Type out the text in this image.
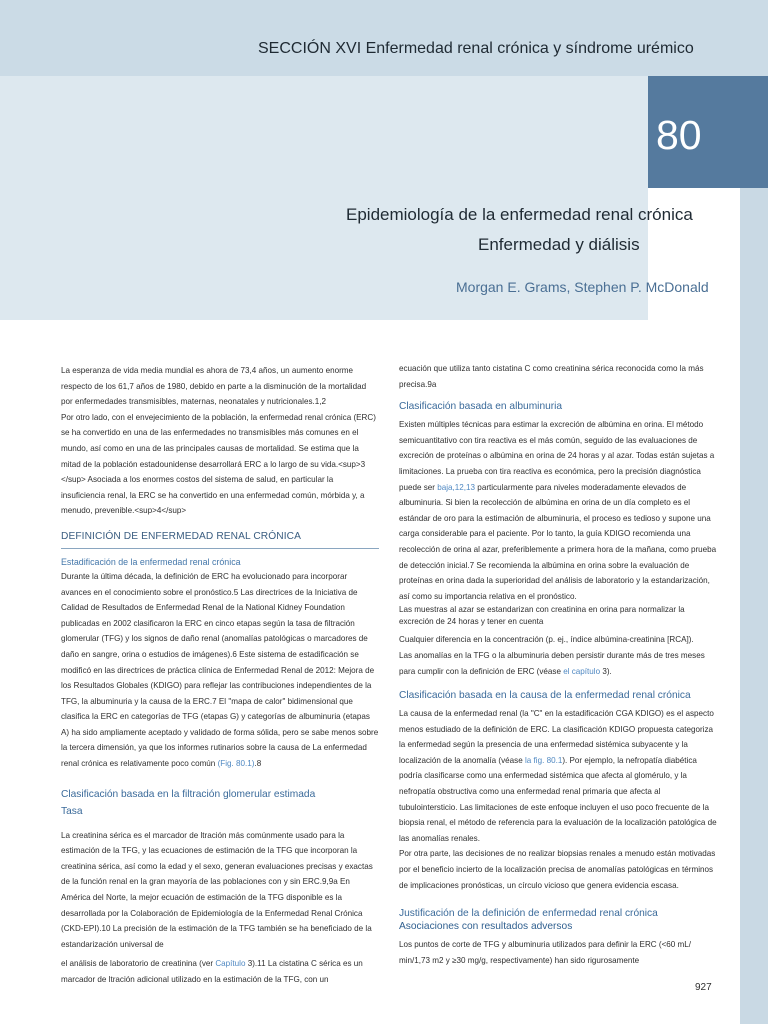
SECCIÓN XVI Enfermedad renal crónica y síndrome urémico
80
Epidemiología de la enfermedad renal crónica
Enfermedad y diálisis
Morgan E. Grams, Stephen P. McDonald

La esperanza de vida media mundial es ahora de 73,4 años, un aumento enorme respecto de los 61,7 años de 1980, debido en parte a la disminución de la mortalidad por enfermedades transmisibles, maternas, neonatales y nutricionales.1,2

Por otro lado, con el envejecimiento de la población, la enfermedad renal crónica (ERC) se ha convertido en una de las enfermedades no transmisibles más comunes en el mundo, así como en una de las principales causas de mortalidad. Se estima que la mitad de la población estadounidense desarrollará ERC a lo largo de su vida.<sup>3 </sup> Asociada a los enormes costos del sistema de salud, en particular la insuficiencia renal, la ERC se ha convertido en una enfermedad común, mórbida y, a menudo, prevenible.<sup>4</sup>

DEFINICIÓN DE ENFERMEDAD RENAL CRÓNICA
Estadificación de la enfermedad renal crónica

Durante la última década, la definición de ERC ha evolucionado para incorporar avances en el conocimiento sobre el pronóstico.5 Las directrices de la Iniciativa de Calidad de Resultados de Enfermedad Renal de la National Kidney Foundation publicadas en 2002 clasificaron la ERC en cinco etapas según la tasa de filtración glomerular (TFG) y los signos de daño renal (anomalías patológicas o marcadores de daño en sangre, orina o estudios de imágenes).6 Este sistema de estadificación se modificó en las directrices de práctica clínica de Enfermedad Renal de 2012: Mejora de los Resultados Globales (KDIGO) para reflejar las contribuciones independientes de la TFG, la albuminuria y la causa de la ERC.7 El "mapa de calor" bidimensional que clasifica la ERC en categorías de TFG (etapas G) y categorías de albuminuria (etapas A) ha sido ampliamente aceptado y validado de forma sólida, pero se sabe menos sobre la tercera dimensión, ya que los informes rutinarios sobre la causa de La enfermedad renal crónica es relativamente poco común (Fig. 80.1).8

Clasificación basada en la filtración glomerular estimada
Tasa

La creatinina sérica es el marcador de ltración más comúnmente usado para la estimación de la TFG, y las ecuaciones de estimación de la TFG que incorporan la creatinina sérica, así como la edad y el sexo, generan evaluaciones precisas y exactas de la función renal en la gran mayoría de las poblaciones con y sin ERC.9,9a En América del Norte, la mejor ecuación de estimación de la TFG disponible es la desarrollada por la Colaboración de Epidemiología de la Enfermedad Renal Crónica (CKD-EPI).10 La precisión de la estimación de la TFG también se ha beneficiado de la estandarización universal de

el análisis de laboratorio de creatinina (ver Capítulo 3).11 La cistatina C sérica es un marcador de ltración adicional utilizado en la estimación de la TFG, con un

ecuación que utiliza tanto cistatina C como creatinina sérica reconocida como la más precisa.9a

Clasificación basada en albuminuria

Existen múltiples técnicas para estimar la excreción de albúmina en orina. El método semicuantitativo con tira reactiva es el más común, seguido de las evaluaciones de excreción de proteínas o albúmina en orina de 24 horas y al azar. Todas están sujetas a limitaciones. La prueba con tira reactiva es económica, pero la precisión diagnóstica puede ser baja,12,13 particularmente para niveles moderadamente elevados de albuminuria. Si bien la recolección de albúmina en orina de un día completo es el estándar de oro para la estimación de albuminuria, el proceso es tedioso y supone una carga considerable para el paciente. Por lo tanto, la guía KDIGO recomienda una recolección de orina al azar, preferiblemente a primera hora de la mañana, como prueba de detección inicial.7 Se recomienda la albúmina en orina sobre la evaluación de proteínas en orina dada la superioridad del análisis de laboratorio y la estandarización, así como su importancia relativa en el pronóstico.

Las muestras al azar se estandarizan con creatinina en orina para normalizar la excreción de 24 horas y tener en cuenta

Cualquier diferencia en la concentración (p. ej., índice albúmina-creatinina [RCA]).

Las anomalías en la TFG o la albuminuria deben persistir durante más de tres meses para cumplir con la definición de ERC (véase el capítulo 3).

Clasificación basada en la causa de la enfermedad renal crónica

La causa de la enfermedad renal (la "C" en la estadificación CGA KDIGO) es el aspecto menos estudiado de la definición de ERC. La clasificación KDIGO propuesta categoriza la enfermedad según la presencia de una enfermedad sistémica subyacente y la localización de la anomalía (véase la fig. 80.1). Por ejemplo, la nefropatía diabética podría clasificarse como una enfermedad sistémica que afecta al glomérulo, y la nefropatía obstructiva como una enfermedad renal primaria que afecta al tubulointersticio. Las limitaciones de este enfoque incluyen el uso poco frecuente de la biopsia renal, el método de referencia para la evaluación de la localización patológica de las anomalías renales.

Por otra parte, las decisiones de no realizar biopsias renales a menudo están motivadas por el beneficio incierto de la localización precisa de anomalías patológicas en términos de implicaciones pronósticas, un círculo vicioso que genera evidencia escasa.

Justificación de la definición de enfermedad renal crónica
Asociaciones con resultados adversos

Los puntos de corte de TFG y albuminuria utilizados para definir la ERC (<60 mL/ min/1,73 m2 y ≥30 mg/g, respectivamente) han sido rigurosamente

927
